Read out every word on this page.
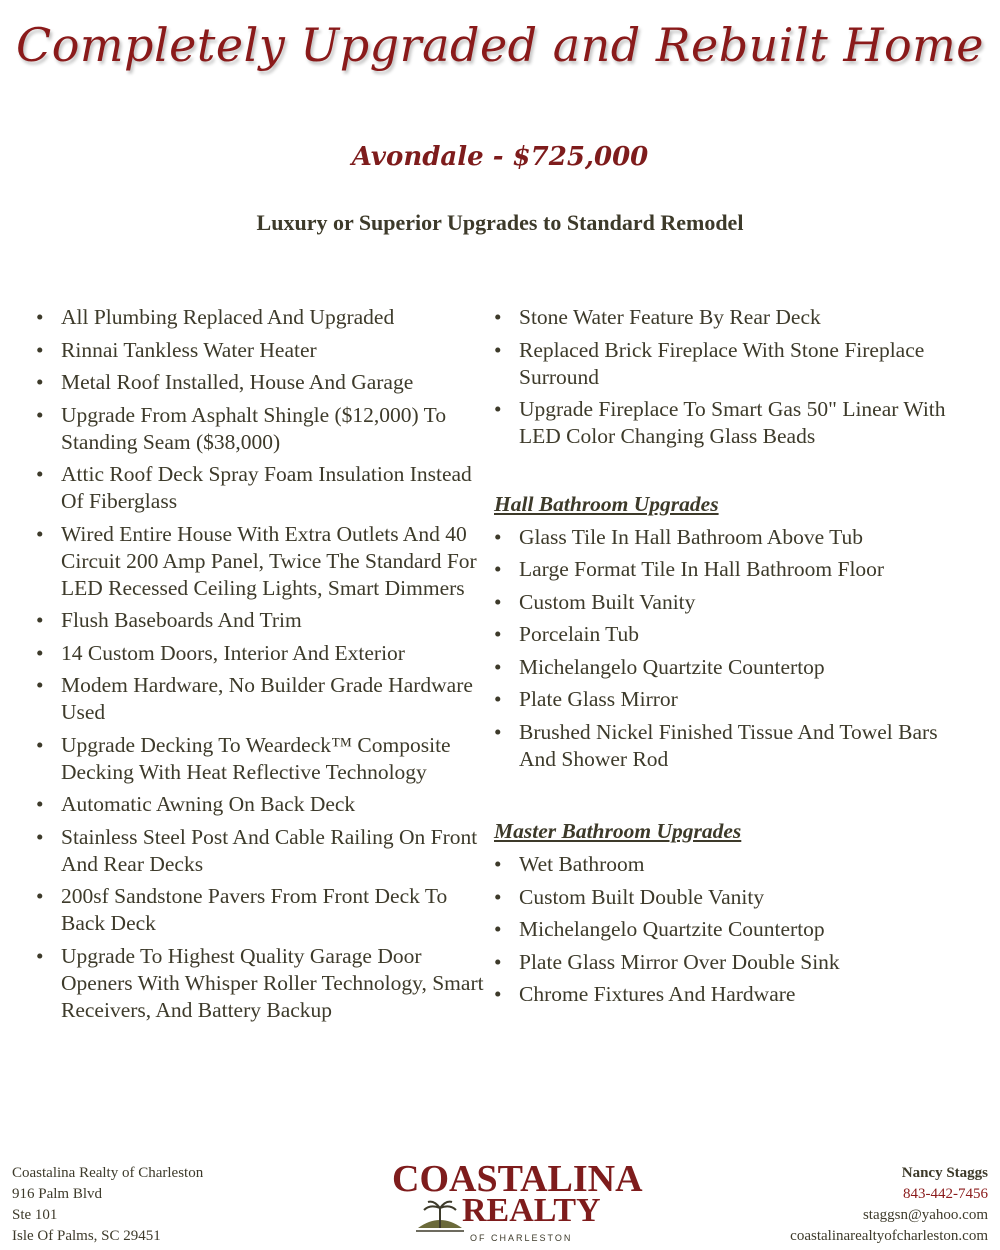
Completely Upgraded and Rebuilt Home
Avondale - $725,000
Luxury or Superior Upgrades to Standard Remodel
• All Plumbing Replaced And Upgraded
• Rinnai Tankless Water Heater
• Metal Roof Installed, House And Garage
• Upgrade From Asphalt Shingle ($12,000) To Standing Seam ($38,000)
• Attic Roof Deck Spray Foam Insulation Instead Of Fiberglass
• Wired Entire House With Extra Outlets And 40 Circuit 200 Amp Panel, Twice The Standard For LED Recessed Ceiling Lights, Smart Dimmers
• Flush Baseboards And Trim
• 14 Custom Doors, Interior And Exterior
• Modem Hardware, No Builder Grade Hardware Used
• Upgrade Decking To Weardeck™ Composite Decking With Heat Reflective Technology
• Automatic Awning On Back Deck
• Stainless Steel Post And Cable Railing On Front And Rear Decks
• 200sf Sandstone Pavers From Front Deck To Back Deck
• Upgrade To Highest Quality Garage Door Openers With Whisper Roller Technology, Smart Receivers, And Battery Backup
• Stone Water Feature By Rear Deck
• Replaced Brick Fireplace With Stone Fireplace Surround
• Upgrade Fireplace To Smart Gas 50" Linear With LED Color Changing Glass Beads
Hall Bathroom Upgrades
• Glass Tile In Hall Bathroom Above Tub
• Large Format Tile In Hall Bathroom Floor
• Custom Built Vanity
• Porcelain Tub
• Michelangelo Quartzite Countertop
• Plate Glass Mirror
• Brushed Nickel Finished Tissue And Towel Bars And Shower Rod
Master Bathroom Upgrades
• Wet Bathroom
• Custom Built Double Vanity
• Michelangelo Quartzite Countertop
• Plate Glass Mirror Over Double Sink
• Chrome Fixtures And Hardware
Coastalina Realty of Charleston
916 Palm Blvd
Ste 101
Isle Of Palms, SC 29451
COASTALINA
REALTY
OF CHARLESTON
Nancy Staggs
843-442-7456
staggsn@yahoo.com
coastalinarealtyofcharleston.com
